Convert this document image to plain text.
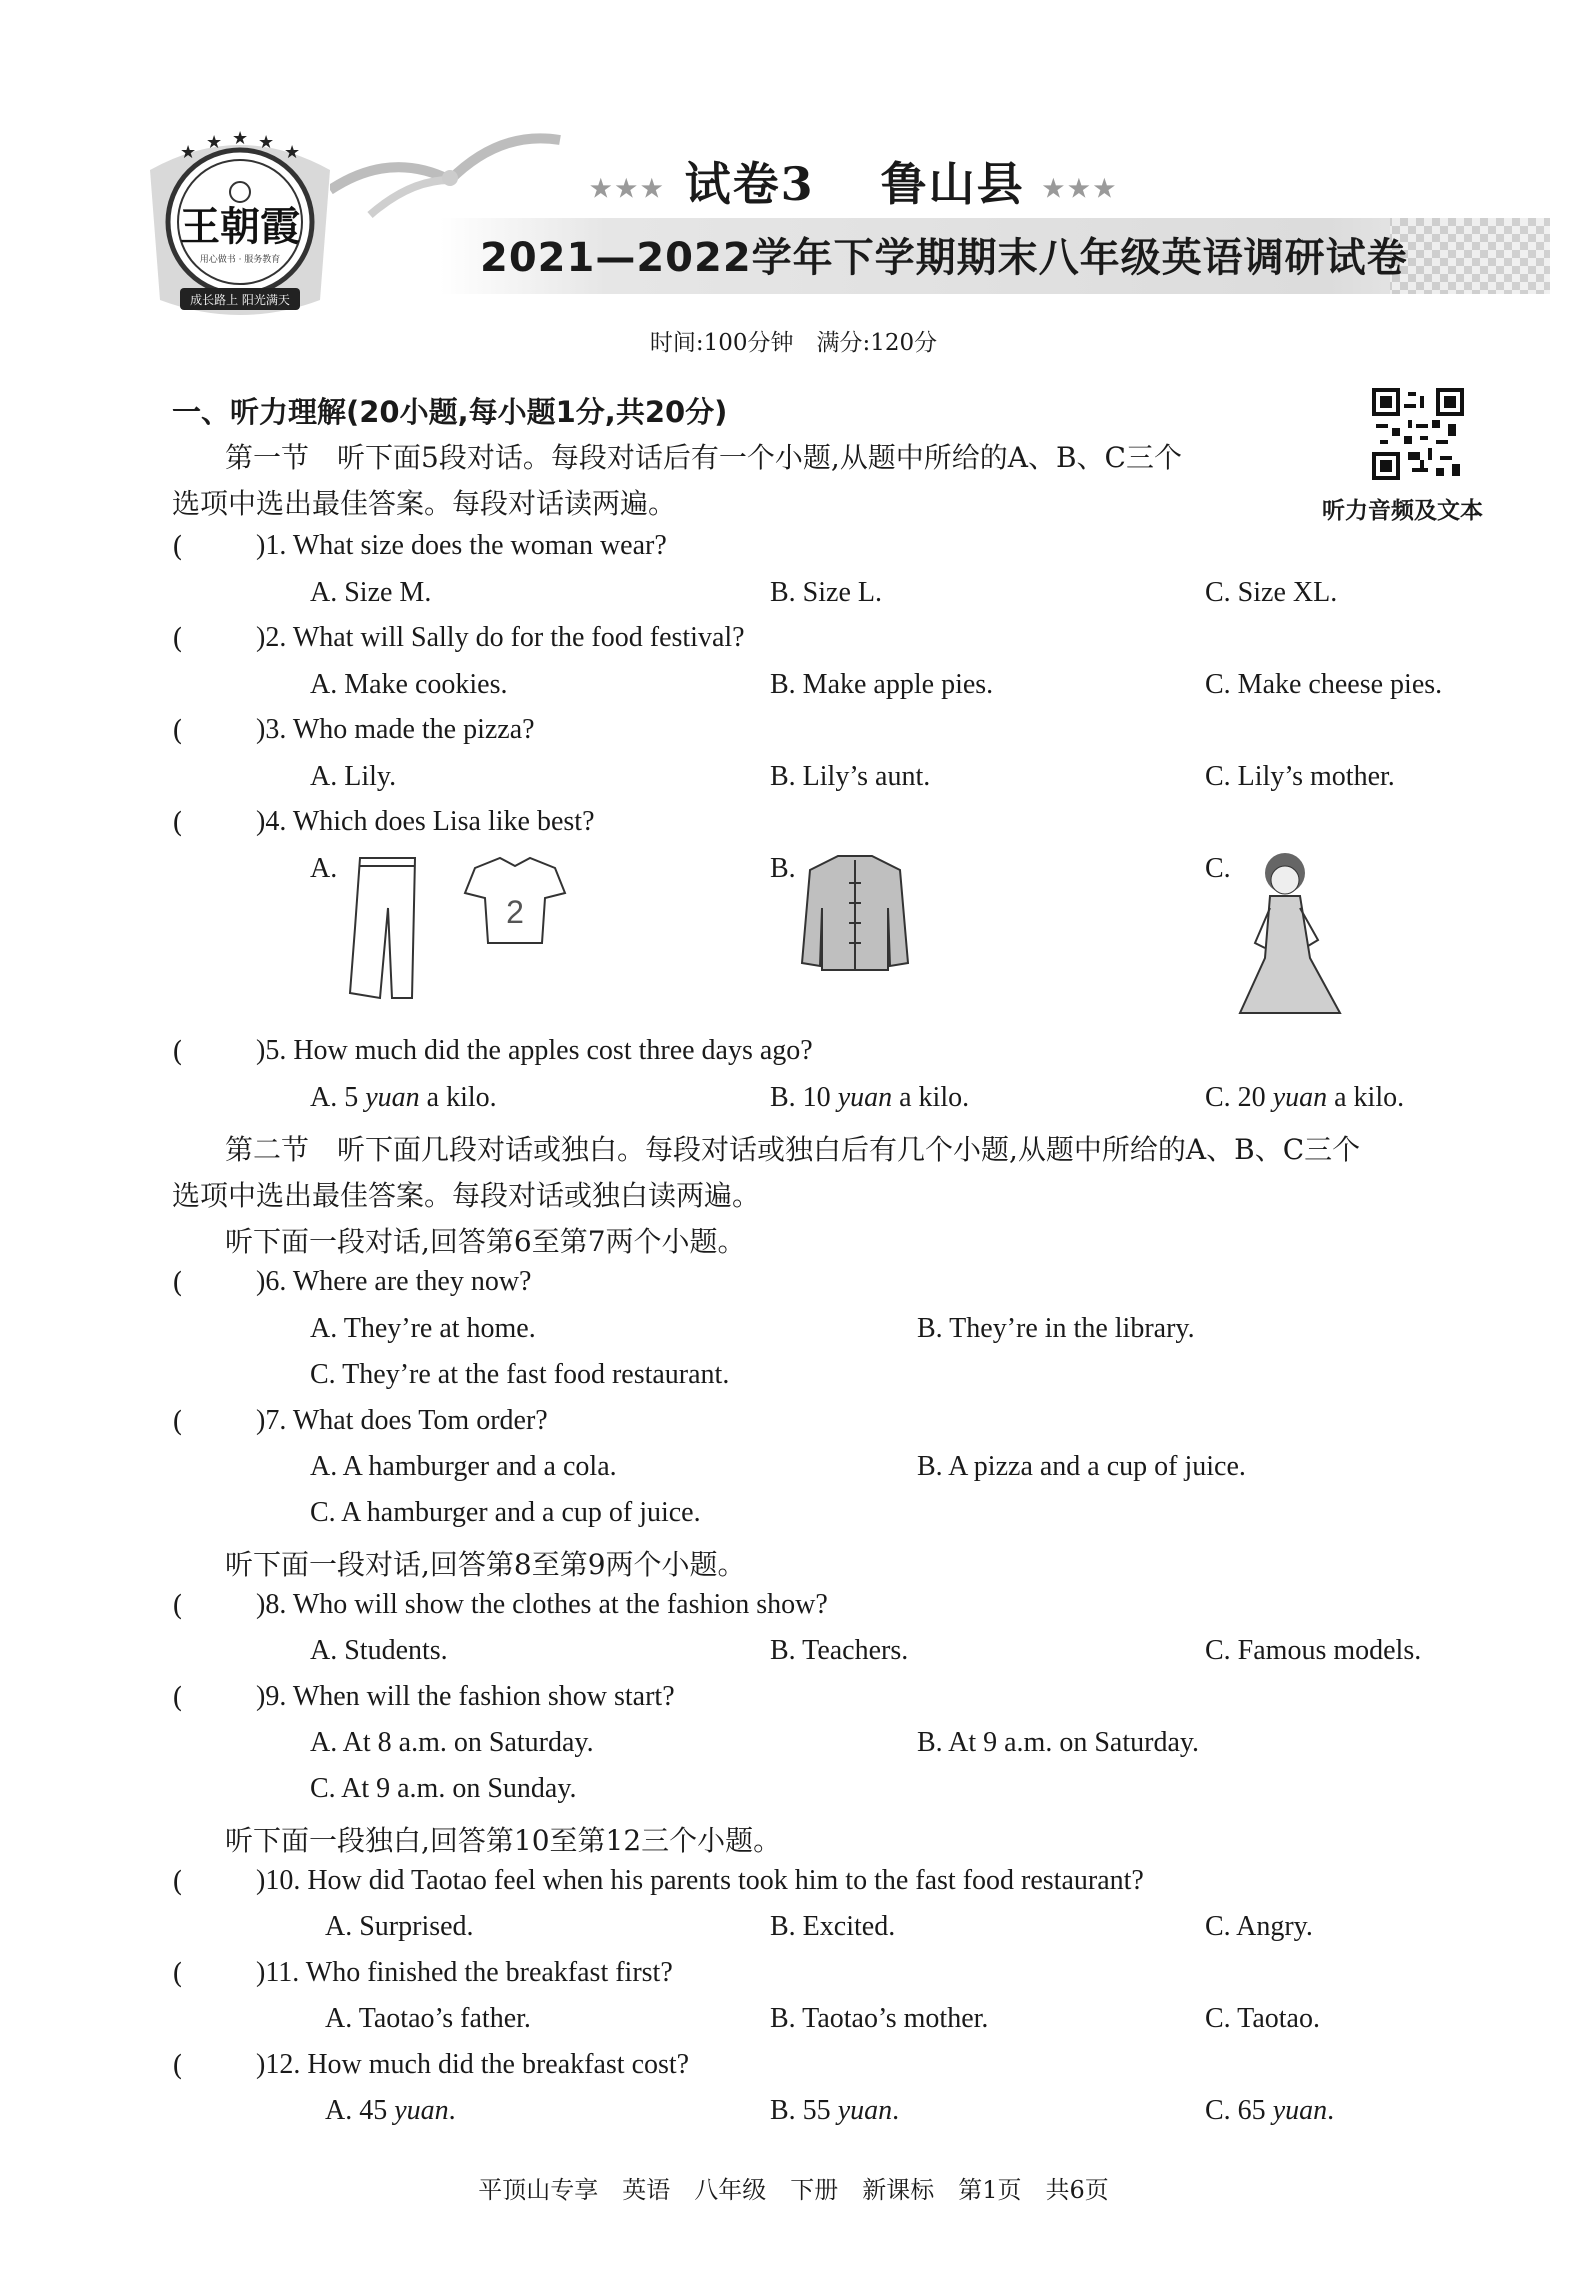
★ ★ ★ ★ ★
王朝霞
用心做书 · 服务教育
成长路上 阳光满天
★★★ 试卷3 鲁山县 ★★★
2021—2022学年下学期期末八年级英语调研试卷
时间:100分钟　满分:120分
听力音频及文本
一、听力理解(20小题,每小题1分,共20分)
第一节　听下面5段对话。每段对话后有一个小题,从题中所给的A、B、C三个
选项中选出最佳答案。每段对话读两遍。
(	)1. What size does the woman wear?
A. Size M.	B. Size L.	C. Size XL.
(	)2. What will Sally do for the food festival?
A. Make cookies.	B. Make apple pies.	C. Make cheese pies.
(	)3. Who made the pizza?
A. Lily.	B. Lily’s aunt.	C. Lily’s mother.
(	)4. Which does Lisa like best?
A.	B.	C.
2
(	)5. How much did the apples cost three days ago?
A. 5 yuan a kilo.	B. 10 yuan a kilo.	C. 20 yuan a kilo.
第二节　听下面几段对话或独白。每段对话或独白后有几个小题,从题中所给的A、B、C三个
选项中选出最佳答案。每段对话或独白读两遍。
听下面一段对话,回答第6至第7两个小题。
(	)6. Where are they now?
A. They’re at home.	B. They’re in the library.
C. They’re at the fast food restaurant.
(	)7. What does Tom order?
A. A hamburger and a cola.	B. A pizza and a cup of juice.
C. A hamburger and a cup of juice.
听下面一段对话,回答第8至第9两个小题。
(	)8. Who will show the clothes at the fashion show?
A. Students.	B. Teachers.	C. Famous models.
(	)9. When will the fashion show start?
A. At 8 a.m. on Saturday.	B. At 9 a.m. on Saturday.
C. At 9 a.m. on Sunday.
听下面一段独白,回答第10至第12三个小题。
(	)10. How did Taotao feel when his parents took him to the fast food restaurant?
A. Surprised.	B. Excited.	C. Angry.
(	)11. Who finished the breakfast first?
A. Taotao’s father.	B. Taotao’s mother.	C. Taotao.
(	)12. How much did the breakfast cost?
A. 45 yuan.	B. 55 yuan.	C. 65 yuan.
平顶山专享　英语　八年级　下册　新课标　第1页　共6页
